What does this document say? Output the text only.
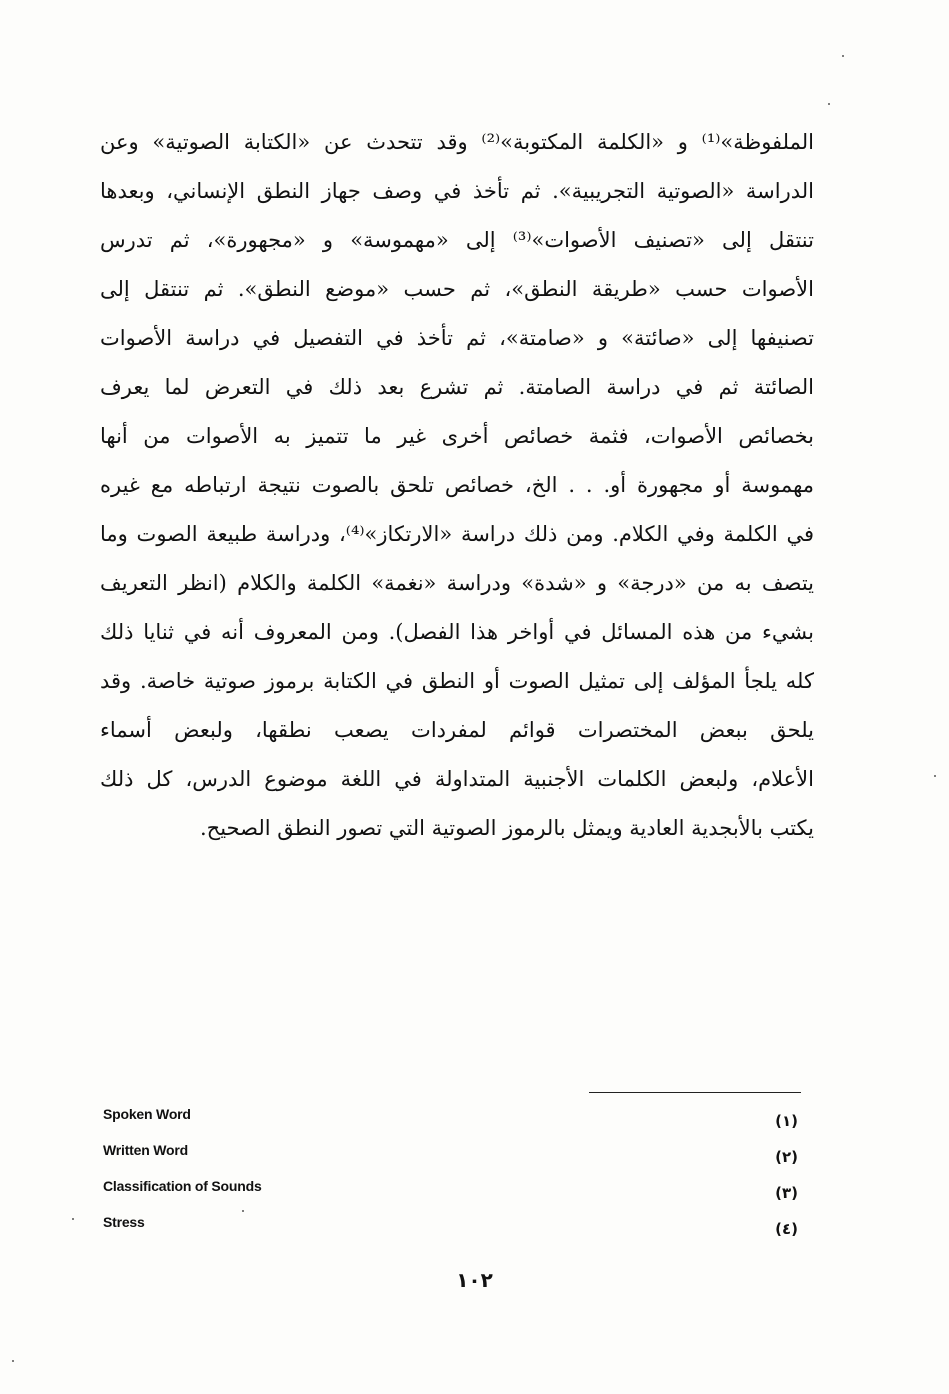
الملفوظة»⁽¹⁾ و «الكلمة المكتوبة»⁽²⁾ وقد تتحدث عن «الكتابة الصوتية» وعن
الدراسة «الصوتية التجريبية». ثم تأخذ في وصف جهاز النطق الإنساني، وبعدها
تنتقل إلى «تصنيف الأصوات»⁽³⁾ إلى «مهموسة» و «مجهورة»، ثم تدرس
الأصوات حسب «طريقة النطق»، ثم حسب «موضع النطق». ثم تنتقل إلى
تصنيفها إلى «صائتة» و «صامتة»، ثم تأخذ في التفصيل في دراسة الأصوات
الصائتة ثم في دراسة الصامتة. ثم تشرع بعد ذلك في التعرض لما يعرف
بخصائص الأصوات، فثمة خصائص أخرى غير ما تتميز به الأصوات من أنها
مهموسة أو مجهورة أو. . . الخ، خصائص تلحق بالصوت نتيجة ارتباطه مع غيره
في الكلمة وفي الكلام. ومن ذلك دراسة «الارتكاز»⁽⁴⁾، ودراسة طبيعة الصوت وما
يتصف به من «درجة» و «شدة» ودراسة «نغمة» الكلمة والكلام (انظر التعريف
بشيء من هذه المسائل في أواخر هذا الفصل). ومن المعروف أنه في ثنايا ذلك
كله يلجأ المؤلف إلى تمثيل الصوت أو النطق في الكتابة برموز صوتية خاصة. وقد
يلحق ببعض المختصرات قوائم لمفردات يصعب نطقها، ولبعض أسماء
الأعلام، ولبعض الكلمات الأجنبية المتداولة في اللغة موضوع الدرس، كل ذلك
يكتب بالأبجدية العادية ويمثل بالرموز الصوتية التي تصور النطق الصحيح.
Spoken Word	(١)
Written Word	(٢)
Classification of Sounds	(٣)
Stress	(٤)
١٠٢
